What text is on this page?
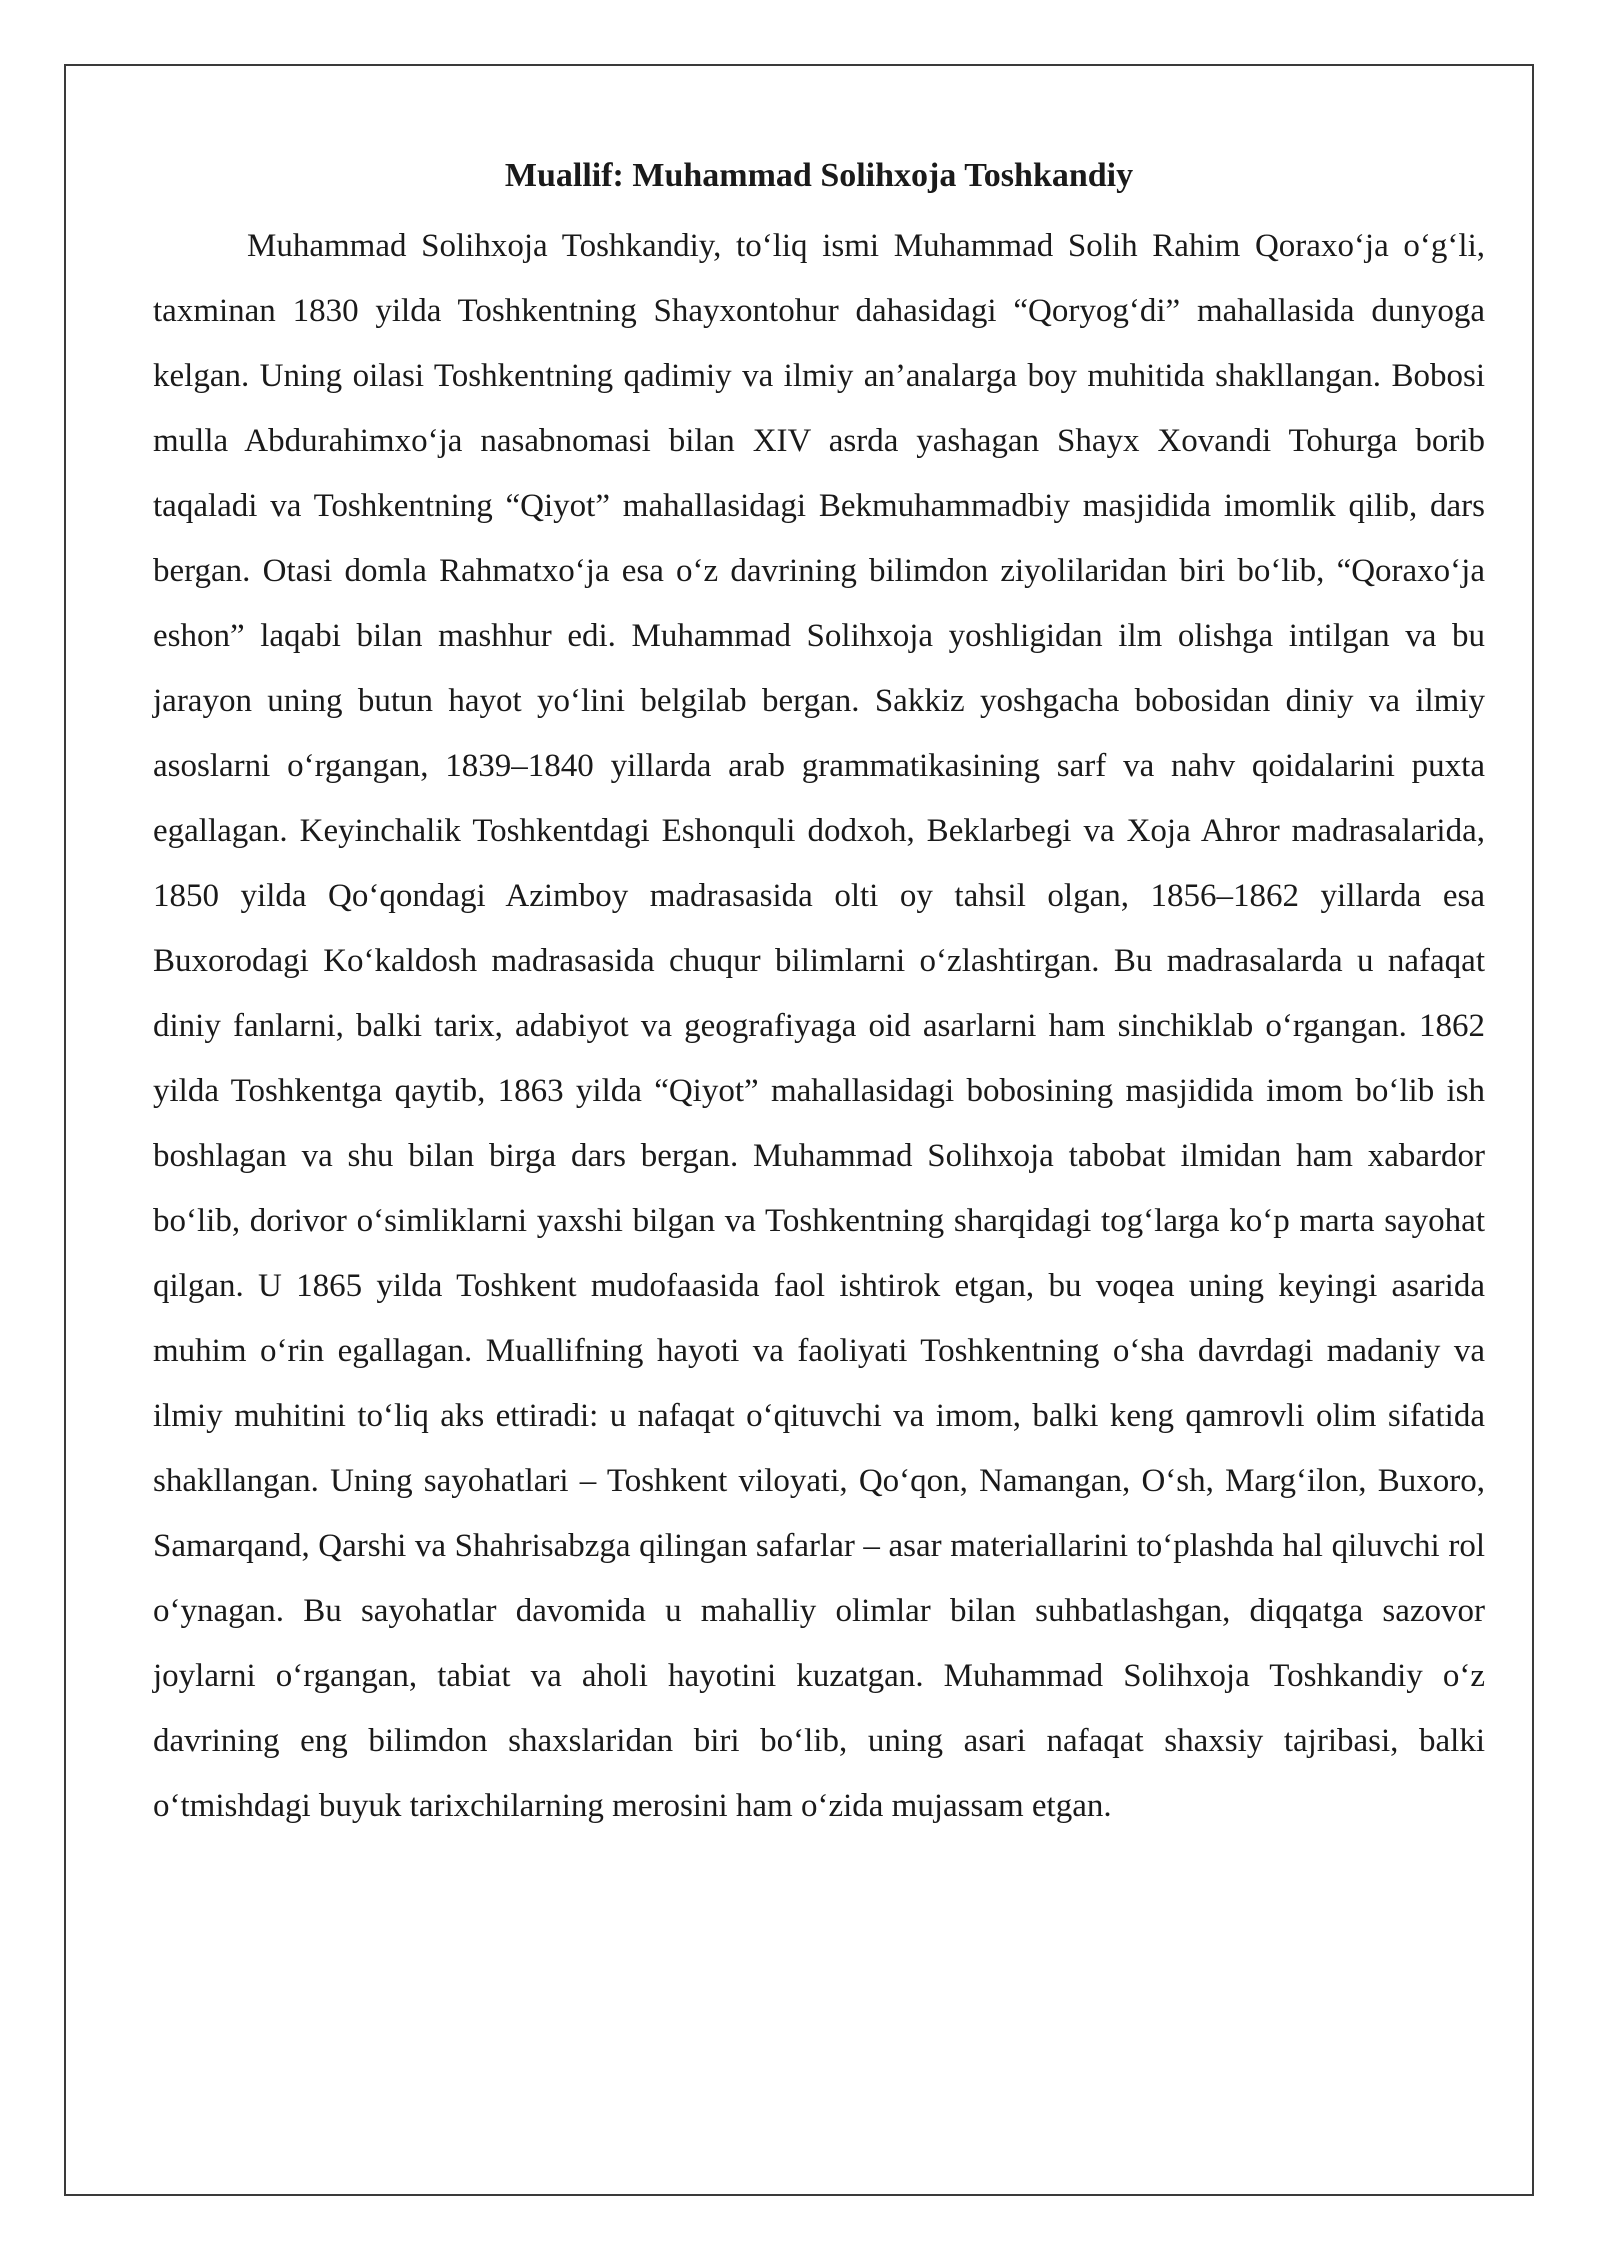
Muallif: Muhammad Solihxoja Toshkandiy

Muhammad Solihxoja Toshkandiy, to‘liq ismi Muhammad Solih Rahim Qoraxo‘ja o‘g‘li, taxminan 1830 yilda Toshkentning Shayxontohur dahasidagi “Qoryog‘di” mahallasida dunyoga kelgan. Uning oilasi Toshkentning qadimiy va ilmiy an’analarga boy muhitida shakllangan. Bobosi mulla Abdurahimxo‘ja nasabnomasi bilan XIV asrda yashagan Shayx Xovandi Tohurga borib taqaladi va Toshkentning “Qiyot” mahallasidagi Bekmuhammadbiy masjidida imomlik qilib, dars bergan. Otasi domla Rahmatxo‘ja esa o‘z davrining bilimdon ziyolilaridan biri bo‘lib, “Qoraxo‘ja eshon” laqabi bilan mashhur edi. Muhammad Solihxoja yoshligidan ilm olishga intilgan va bu jarayon uning butun hayot yo‘lini belgilab bergan. Sakkiz yoshgacha bobosidan diniy va ilmiy asoslarni o‘rgangan, 1839–1840 yillarda arab grammatikasining sarf va nahv qoidalarini puxta egallagan. Keyinchalik Toshkentdagi Eshonquli dodxoh, Beklarbegi va Xoja Ahror madrasalarida, 1850 yilda Qo‘qondagi Azimboy madrasasida olti oy tahsil olgan, 1856–1862 yillarda esa Buxorodagi Ko‘kaldosh madrasasida chuqur bilimlarni o‘zlashtirgan. Bu madrasalarda u nafaqat diniy fanlarni, balki tarix, adabiyot va geografiyaga oid asarlarni ham sinchiklab o‘rgangan. 1862 yilda Toshkentga qaytib, 1863 yilda “Qiyot” mahallasidagi bobosining masjidida imom bo‘lib ish boshlagan va shu bilan birga dars bergan. Muhammad Solihxoja tabobat ilmidan ham xabardor bo‘lib, dorivor o‘simliklarni yaxshi bilgan va Toshkentning sharqidagi tog‘larga ko‘p marta sayohat qilgan. U 1865 yilda Toshkent mudofaasida faol ishtirok etgan, bu voqea uning keyingi asarida muhim o‘rin egallagan. Muallifning hayoti va faoliyati Toshkentning o‘sha davrdagi madaniy va ilmiy muhitini to‘liq aks ettiradi: u nafaqat o‘qituvchi va imom, balki keng qamrovli olim sifatida shakllangan. Uning sayohatlari – Toshkent viloyati, Qo‘qon, Namangan, O‘sh, Marg‘ilon, Buxoro, Samarqand, Qarshi va Shahrisabzga qilingan safarlar – asar materiallarini to‘plashda hal qiluvchi rol o‘ynagan. Bu sayohatlar davomida u mahalliy olimlar bilan suhbatlashgan, diqqatga sazovor joylarni o‘rgangan, tabiat va aholi hayotini kuzatgan. Muhammad Solihxoja Toshkandiy o‘z davrining eng bilimdon shaxslaridan biri bo‘lib, uning asari nafaqat shaxsiy tajribasi, balki o‘tmishdagi buyuk tarixchilarning merosini ham o‘zida mujassam etgan.
